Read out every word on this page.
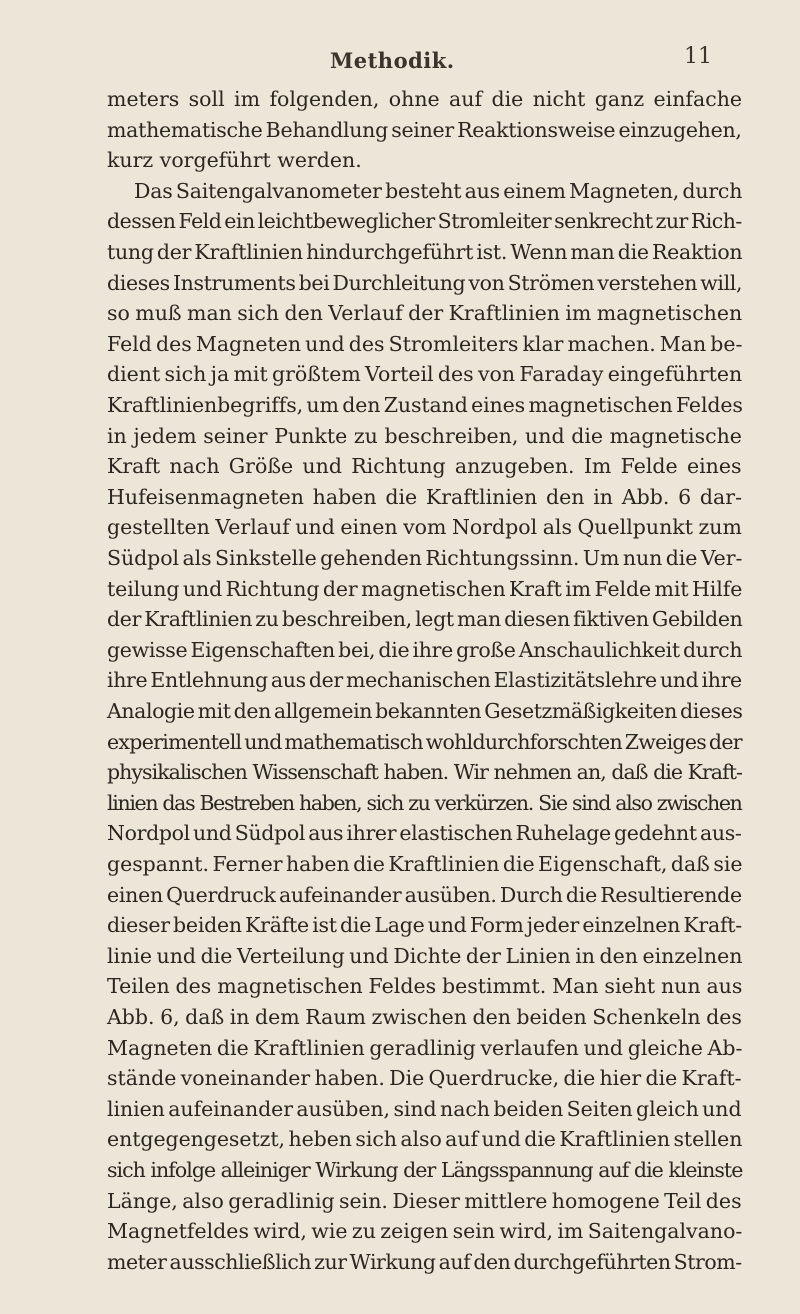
Methodik.	11
meters soll im folgenden, ohne auf die nicht ganz einfache
mathematische Behandlung seiner Reaktionsweise einzugehen,
kurz vorgeführt werden.
Das Saitengalvanometer besteht aus einem Magneten, durch
dessen Feld ein leichtbeweglicher Stromleiter senkrecht zur Rich-
tung der Kraftlinien hindurchgeführt ist. Wenn man die Reaktion
dieses Instruments bei Durchleitung von Strömen verstehen will,
so muß man sich den Verlauf der Kraftlinien im magnetischen
Feld des Magneten und des Stromleiters klar machen. Man be-
dient sich ja mit größtem Vorteil des von Faraday eingeführten
Kraftlinienbegriffs, um den Zustand eines magnetischen Feldes
in jedem seiner Punkte zu beschreiben, und die magnetische
Kraft nach Größe und Richtung anzugeben. Im Felde eines
Hufeisenmagneten haben die Kraftlinien den in Abb. 6 dar-
gestellten Verlauf und einen vom Nordpol als Quellpunkt zum
Südpol als Sinkstelle gehenden Richtungssinn. Um nun die Ver-
teilung und Richtung der magnetischen Kraft im Felde mit Hilfe
der Kraftlinien zu beschreiben, legt man diesen fiktiven Gebilden
gewisse Eigenschaften bei, die ihre große Anschaulichkeit durch
ihre Entlehnung aus der mechanischen Elastizitätslehre und ihre
Analogie mit den allgemein bekannten Gesetzmäßigkeiten dieses
experimentell und mathematisch wohldurchforschten Zweiges der
physikalischen Wissenschaft haben. Wir nehmen an, daß die Kraft-
linien das Bestreben haben, sich zu verkürzen. Sie sind also zwischen
Nordpol und Südpol aus ihrer elastischen Ruhelage gedehnt aus-
gespannt. Ferner haben die Kraftlinien die Eigenschaft, daß sie
einen Querdruck aufeinander ausüben. Durch die Resultierende
dieser beiden Kräfte ist die Lage und Form jeder einzelnen Kraft-
linie und die Verteilung und Dichte der Linien in den einzelnen
Teilen des magnetischen Feldes bestimmt. Man sieht nun aus
Abb. 6, daß in dem Raum zwischen den beiden Schenkeln des
Magneten die Kraftlinien geradlinig verlaufen und gleiche Ab-
stände voneinander haben. Die Querdrucke, die hier die Kraft-
linien aufeinander ausüben, sind nach beiden Seiten gleich und
entgegengesetzt, heben sich also auf und die Kraftlinien stellen
sich infolge alleiniger Wirkung der Längsspannung auf die kleinste
Länge, also geradlinig sein. Dieser mittlere homogene Teil des
Magnetfeldes wird, wie zu zeigen sein wird, im Saitengalvano-
meter ausschließlich zur Wirkung auf den durchgeführten Strom-
